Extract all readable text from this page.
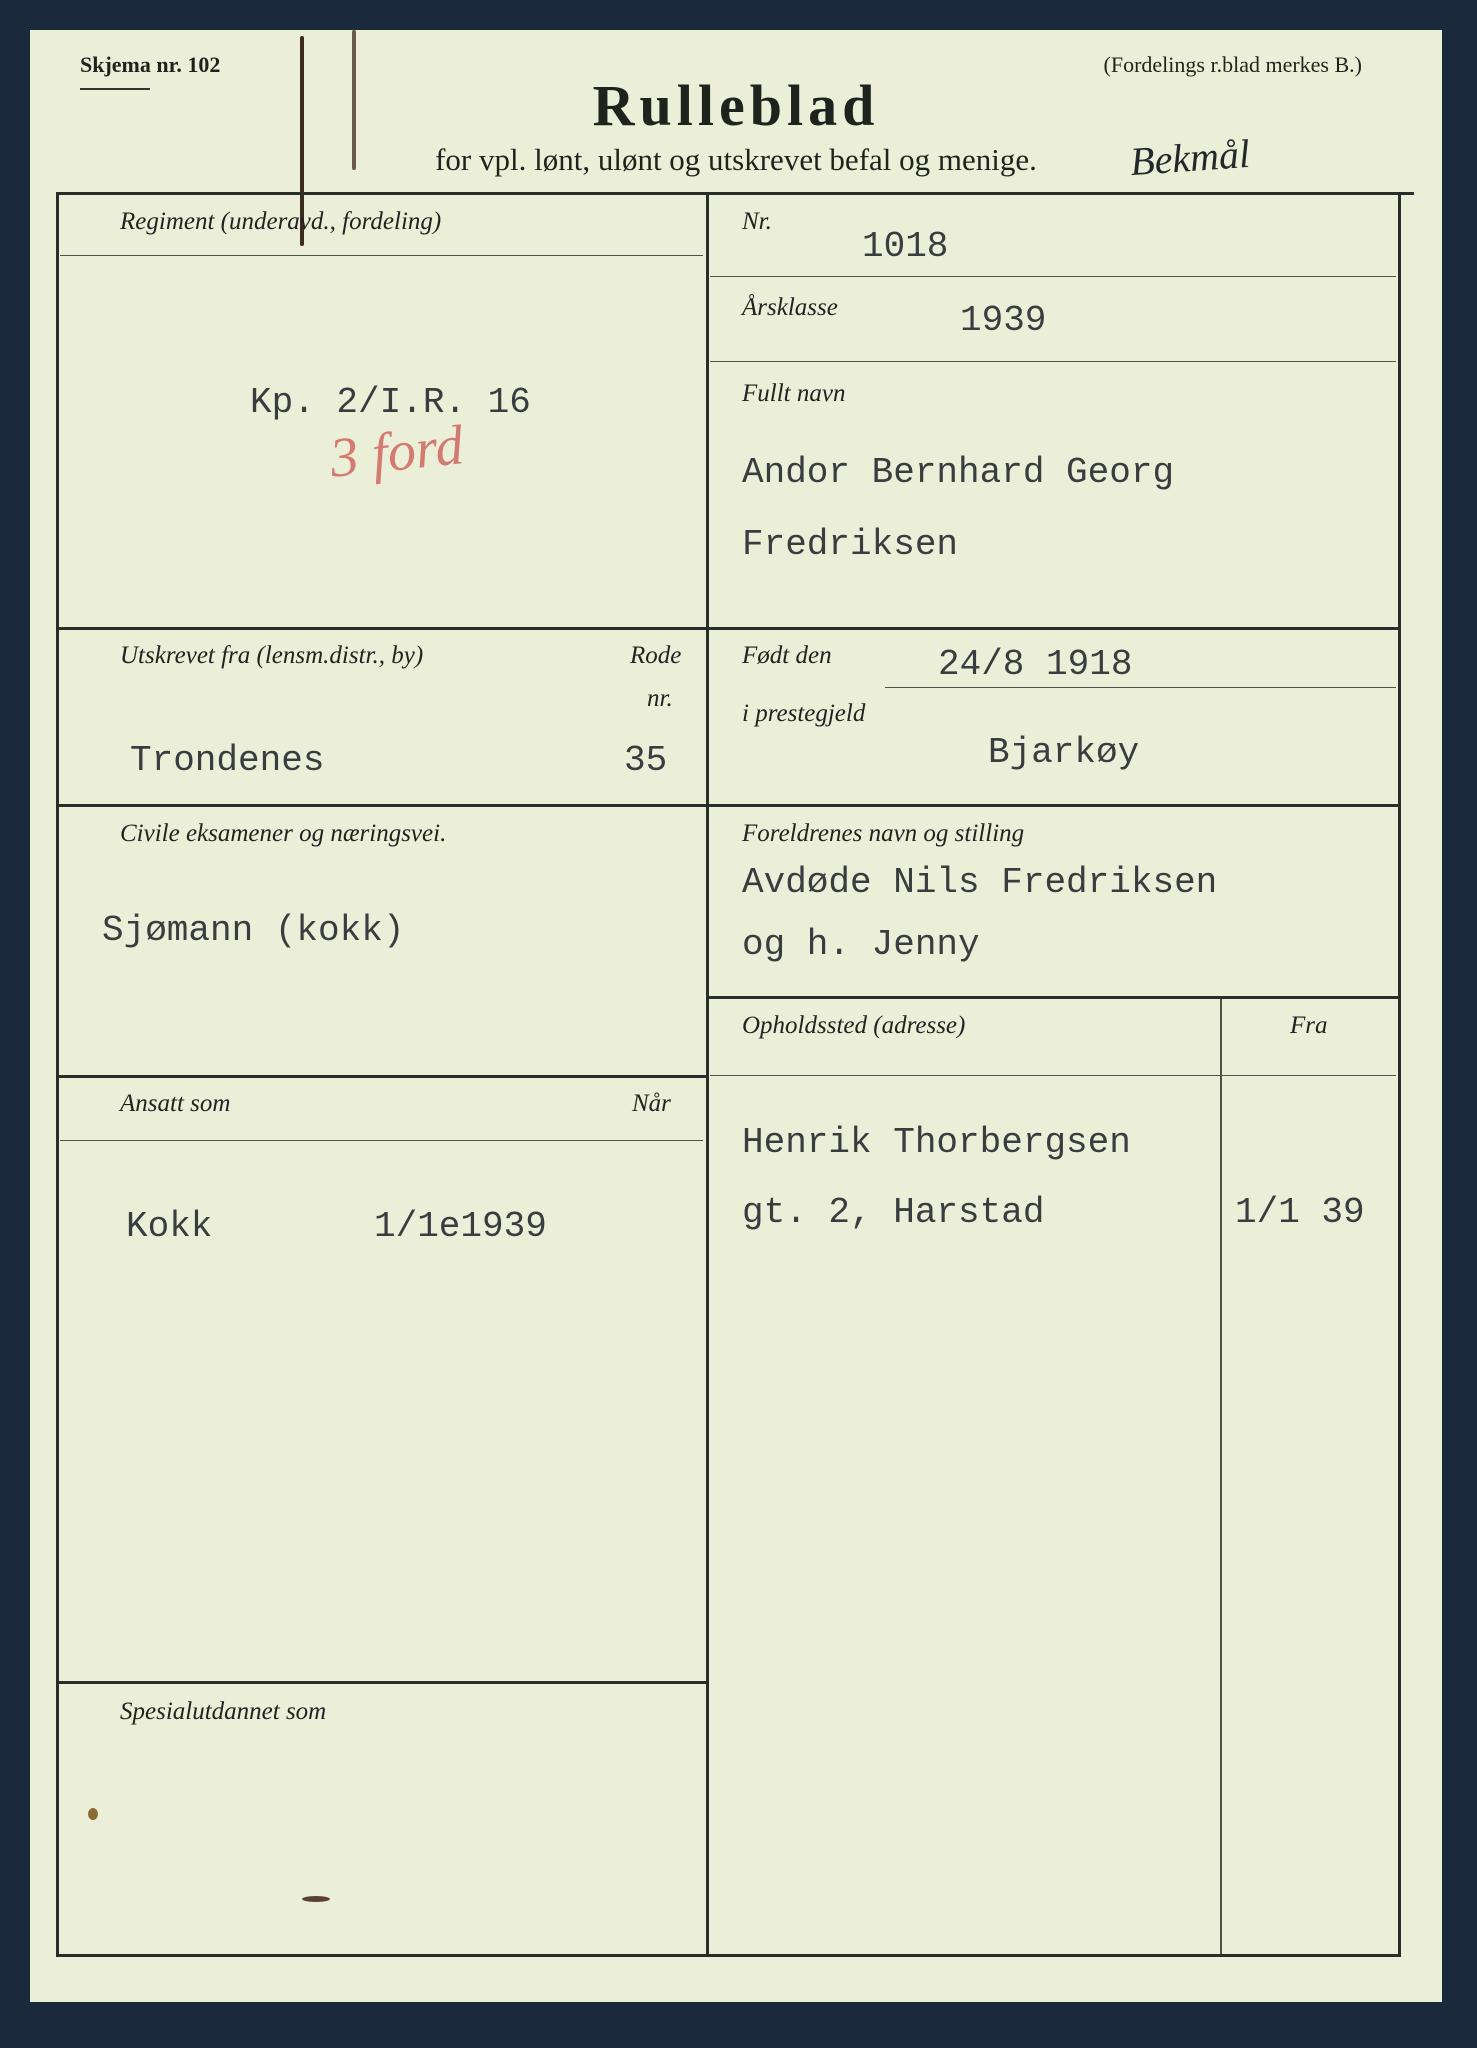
Skjema nr. 102	(Fordelings r.blad merkes B.)
Rulleblad
for vpl. lønt, ulønt og utskrevet befal og menige.	Bekmål
Regiment (underavd., fordeling)
Kp. 2/I.R. 16
3 ford
Nr.
1018
Årsklasse	1939
Fullt navn
Andor Bernhard Georg
Fredriksen
Utskrevet fra (lensm.distr., by)	Rode
nr.
Trondenes	35
Født den	24/8 1918
i prestegjeld
Bjarkøy
Civile eksamener og næringsvei.
Sjømann (kokk)
Foreldrenes navn og stilling
Avdøde Nils Fredriksen
og h. Jenny
Opholdssted (adresse)	Fra
Henrik Thorbergsen
gt. 2, Harstad	1/1 39
Ansatt som	Når
Kokk	1/1e1939
Spesialutdannet som
